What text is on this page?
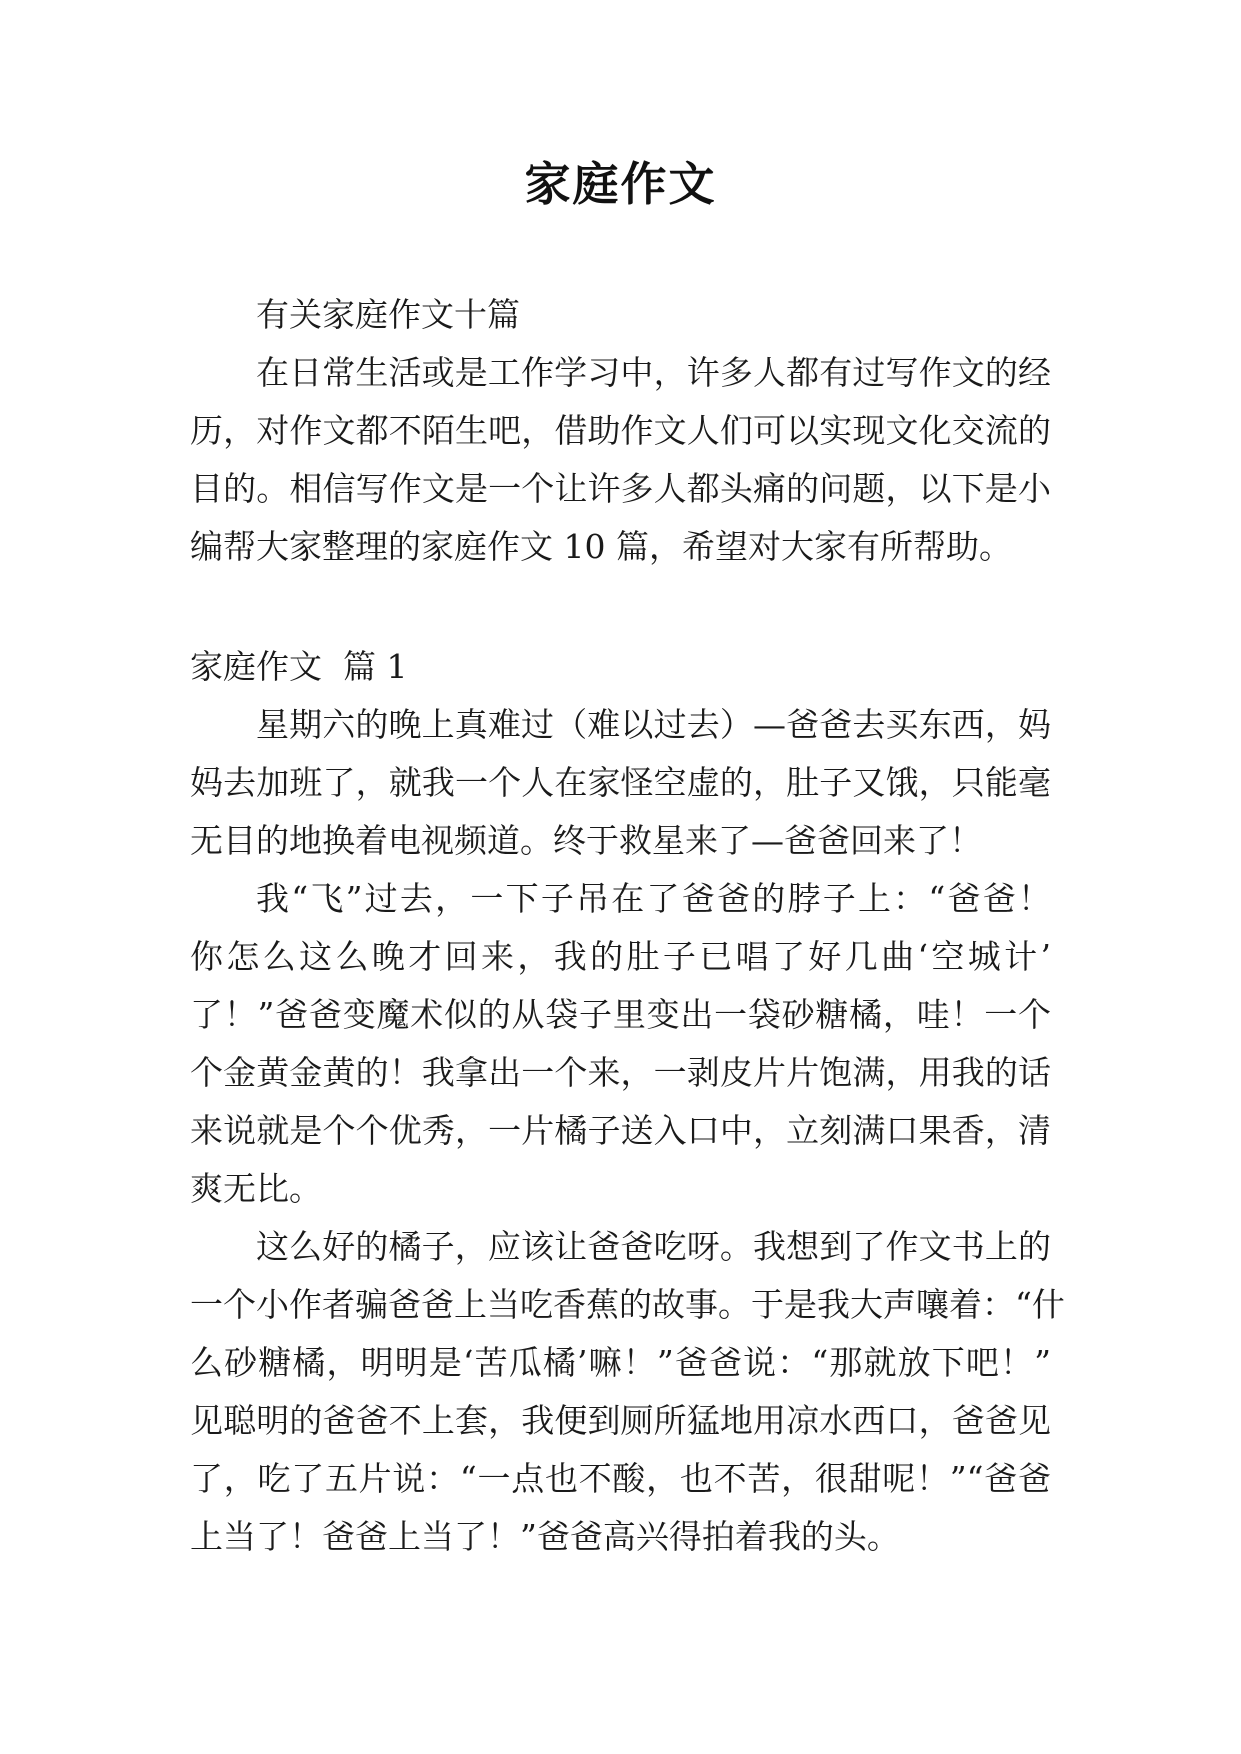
家庭作文
有关家庭作文十篇
在日常生活或是工作学习中，许多人都有过写作文的经
历，对作文都不陌生吧，借助作文人们可以实现文化交流的
目的。相信写作文是一个让许多人都头痛的问题，以下是小
编帮大家整理的家庭作文 10 篇，希望对大家有所帮助。
家庭作文  篇 1
星期六的晚上真难过（难以过去）—爸爸去买东西，妈
妈去加班了，就我一个人在家怪空虚的，肚子又饿，只能毫
无目的地换着电视频道。终于救星来了—爸爸回来了！
我“飞”过去，一下子吊在了爸爸的脖子上：“爸爸！
你怎么这么晚才回来，我的肚子已唱了好几曲‘空城计’
了！”爸爸变魔术似的从袋子里变出一袋砂糖橘，哇！一个
个金黄金黄的！我拿出一个来，一剥皮片片饱满，用我的话
来说就是个个优秀，一片橘子送入口中，立刻满口果香，清
爽无比。
这么好的橘子，应该让爸爸吃呀。我想到了作文书上的
一个小作者骗爸爸上当吃香蕉的故事。于是我大声嚷着：“什
么砂糖橘，明明是‘苦瓜橘’嘛！”爸爸说：“那就放下吧！”
见聪明的爸爸不上套，我便到厕所猛地用凉水西口，爸爸见
了，吃了五片说：“一点也不酸，也不苦，很甜呢！”“爸爸
上当了！爸爸上当了！”爸爸高兴得拍着我的头。
